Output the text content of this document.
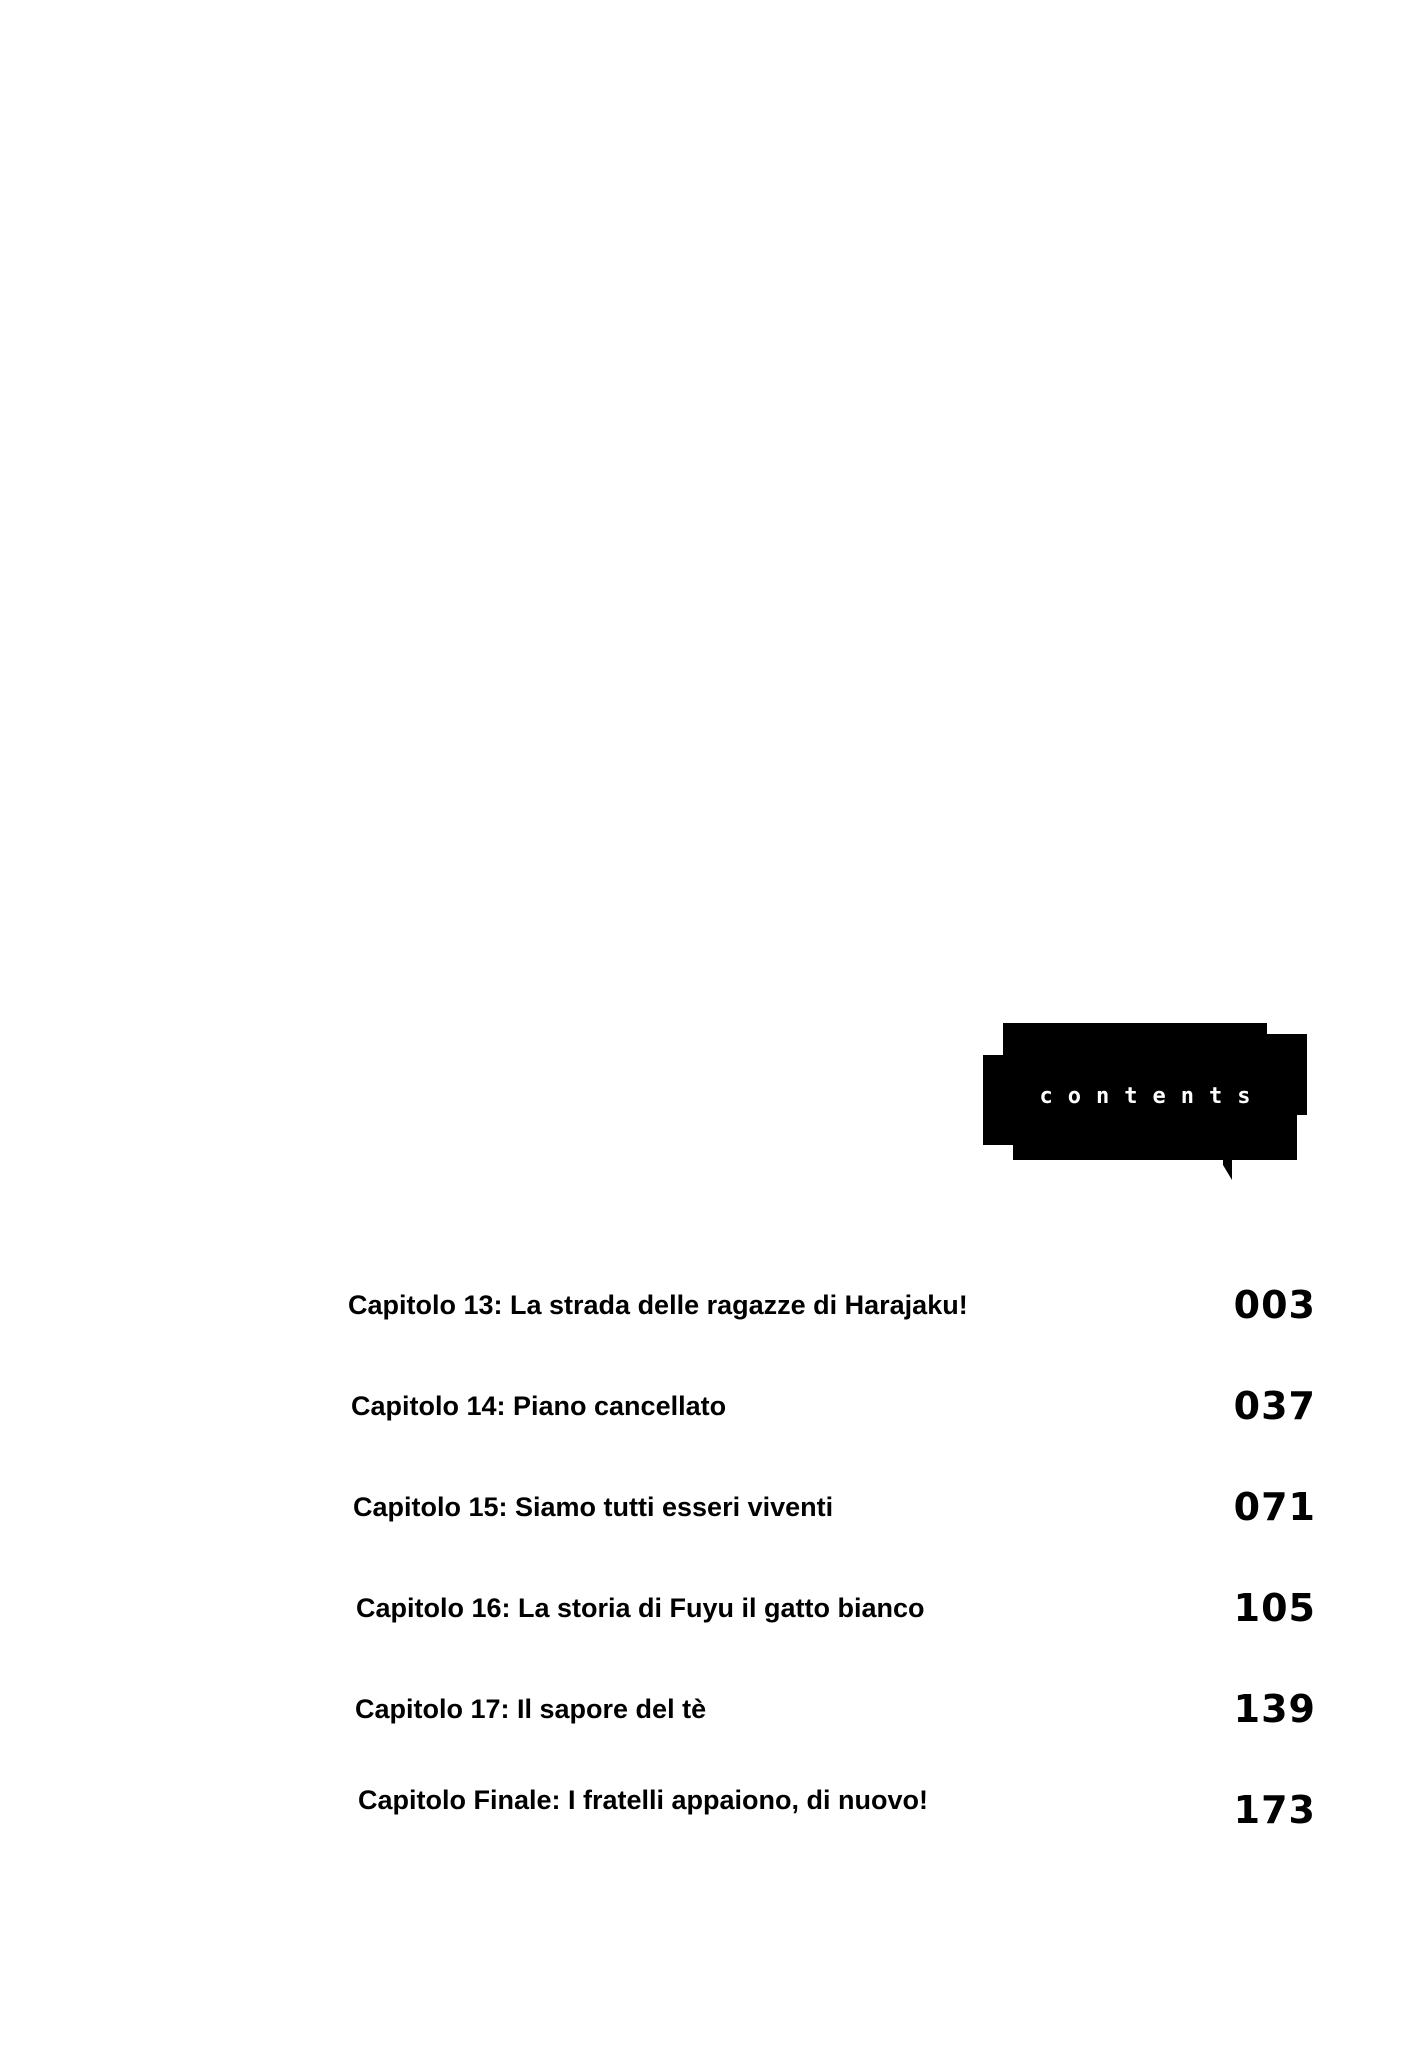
contents
Capitolo 13: La strada delle ragazze di Harajaku!	003
Capitolo 14: Piano cancellato	037
Capitolo 15: Siamo tutti esseri viventi	071
Capitolo 16: La storia di Fuyu il gatto bianco	105
Capitolo 17: Il sapore del tè	139
Capitolo Finale: I fratelli appaiono, di nuovo!	173
